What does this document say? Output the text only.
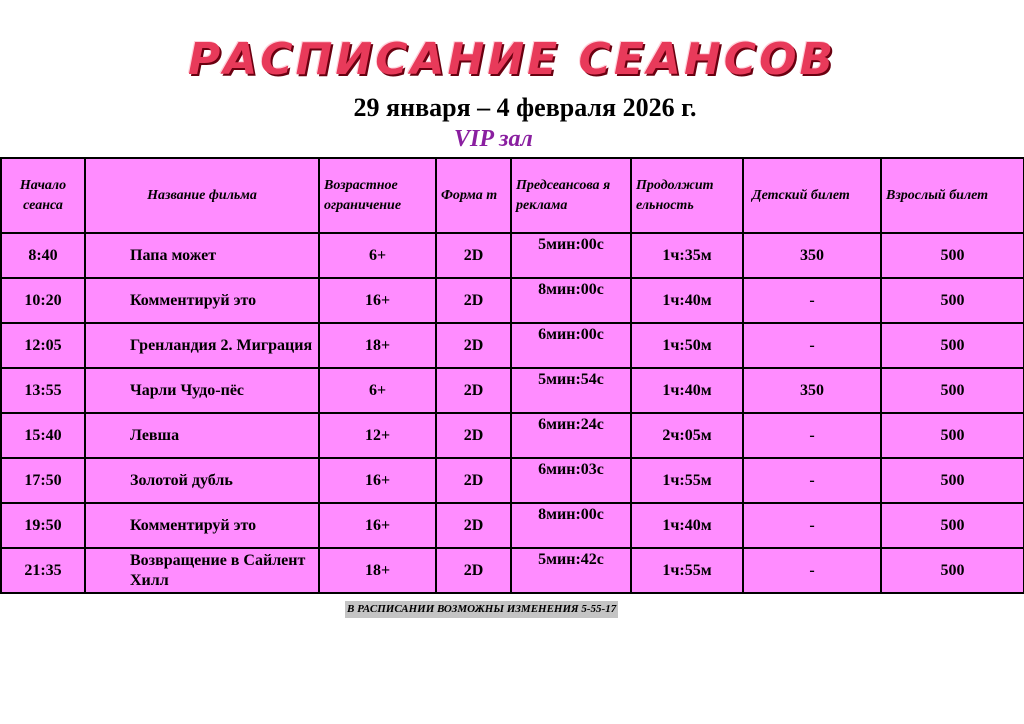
РАСПИСАНИЕ СЕАНСОВ
29 января – 4 февраля 2026 г.
VIP зал
Начало сеанса	Название фильма	Возрастное ограничение	Форма т	Предсеансова я реклама	Продолжит ельность	Детский билет	Взрослый билет
8:40	Папа может	6+	2D	5мин:00с	1ч:35м	350	500
10:20	Комментируй это	16+	2D	8мин:00с	1ч:40м	-	500
12:05	Гренландия 2. Миграция	18+	2D	6мин:00с	1ч:50м	-	500
13:55	Чарли Чудо-пёс	6+	2D	5мин:54с	1ч:40м	350	500
15:40	Левша	12+	2D	6мин:24с	2ч:05м	-	500
17:50	Золотой дубль	16+	2D	6мин:03с	1ч:55м	-	500
19:50	Комментируй это	16+	2D	8мин:00с	1ч:40м	-	500
21:35	Возвращение в Сайлент Хилл	18+	2D	5мин:42с	1ч:55м	-	500
В РАСПИСАНИИ ВОЗМОЖНЫ ИЗМЕНЕНИЯ 5-55-17
